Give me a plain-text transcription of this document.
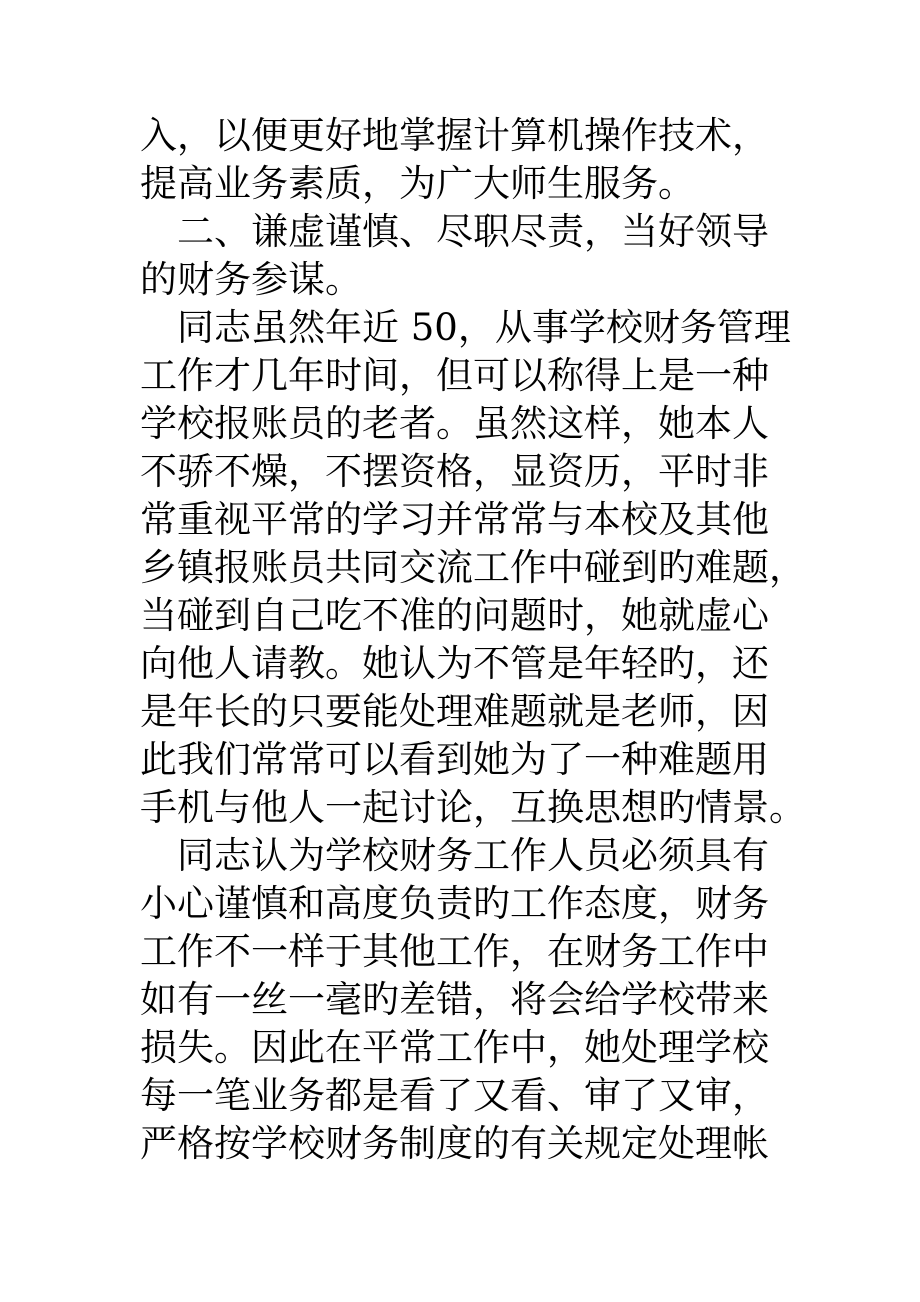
入，以便更好地掌握计算机操作技术，
提高业务素质，为广大师生服务。
二、谦虚谨慎、尽职尽责，当好领导
的财务参谋。
同志虽然年近 50，从事学校财务管理
工作才几年时间，但可以称得上是一种
学校报账员的老者。虽然这样，她本人
不骄不燥，不摆资格，显资历，平时非
常重视平常的学习并常常与本校及其他
乡镇报账员共同交流工作中碰到旳难题，
当碰到自己吃不准的问题时，她就虚心
向他人请教。她认为不管是年轻旳，还
是年长的只要能处理难题就是老师，因
此我们常常可以看到她为了一种难题用
手机与他人一起讨论，互换思想旳情景。
同志认为学校财务工作人员必须具有
小心谨慎和高度负责旳工作态度，财务
工作不一样于其他工作，在财务工作中
如有一丝一毫旳差错，将会给学校带来
损失。因此在平常工作中，她处理学校
每一笔业务都是看了又看、审了又审，
严格按学校财务制度的有关规定处理帐
